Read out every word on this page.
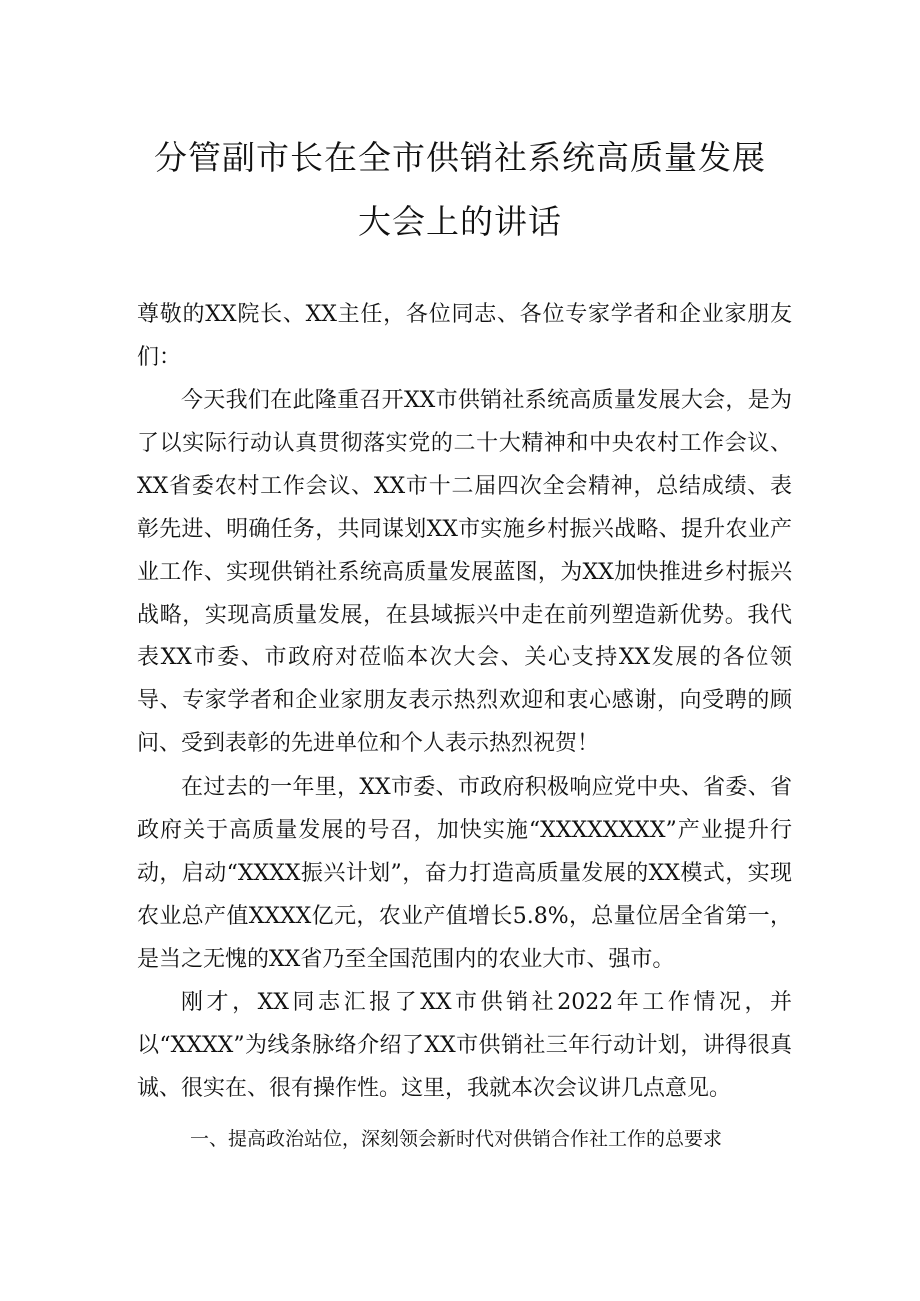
分管副市长在全市供销社系统高质量发展
大会上的讲话

尊敬的XX院长、XX主任，各位同志、各位专家学者和企业家朋友们：

今天我们在此隆重召开XX市供销社系统高质量发展大会，是为了以实际行动认真贯彻落实党的二十大精神和中央农村工作会议、XX省委农村工作会议、XX市十二届四次全会精神，总结成绩、表彰先进、明确任务，共同谋划XX市实施乡村振兴战略、提升农业产业工作、实现供销社系统高质量发展蓝图，为XX加快推进乡村振兴战略，实现高质量发展，在县域振兴中走在前列塑造新优势。我代表XX市委、市政府对莅临本次大会、关心支持XX发展的各位领导、专家学者和企业家朋友表示热烈欢迎和衷心感谢，向受聘的顾问、受到表彰的先进单位和个人表示热烈祝贺！

在过去的一年里，XX市委、市政府积极响应党中央、省委、省政府关于高质量发展的号召，加快实施“XXXXXXXX”产业提升行动，启动“XXXX振兴计划”，奋力打造高质量发展的XX模式，实现农业总产值XXXX亿元，农业产值增长5.8%，总量位居全省第一，是当之无愧的XX省乃至全国范围内的农业大市、强市。

刚才，XX同志汇报了XX市供销社2022年工作情况，并以“XXXX”为线条脉络介绍了XX市供销社三年行动计划，讲得很真诚、很实在、很有操作性。这里，我就本次会议讲几点意见。

一、提高政治站位，深刻领会新时代对供销合作社工作的总要求
